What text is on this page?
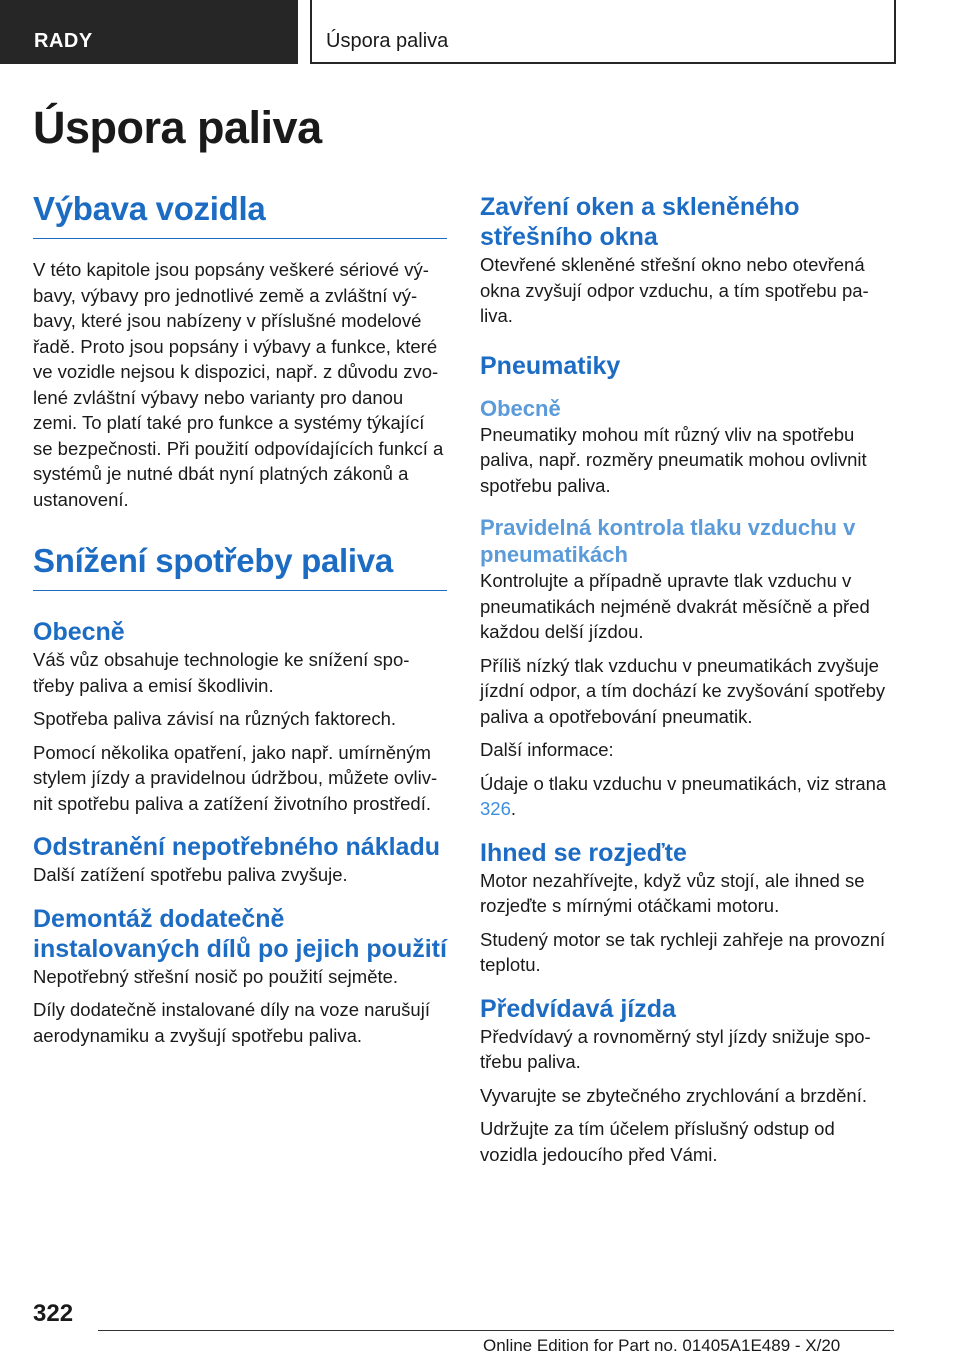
RADY	Úspora paliva
Úspora paliva
Výbava vozidla

V této kapitole jsou popsány veškeré sériové vý-bavy, výbavy pro jednotlivé země a zvláštní vý-bavy, které jsou nabízeny v příslušné modelové řadě. Proto jsou popsány i výbavy a funkce, které ve vozidle nejsou k dispozici, např. z důvodu zvo-lené zvláštní výbavy nebo varianty pro danou zemi. To platí také pro funkce a systémy týkající se bezpečnosti. Při použití odpovídajících funkcí a systémů je nutné dbát nyní platných zákonů a ustanovení.

Snížení spotřeby paliva
Obecně

Váš vůz obsahuje technologie ke snížení spo-třeby paliva a emisí škodlivin.

Spotřeba paliva závisí na různých faktorech.

Pomocí několika opatření, jako např. umírněným stylem jízdy a pravidelnou údržbou, můžete ovliv-nit spotřebu paliva a zatížení životního prostředí.

Odstranění nepotřebného nákladu

Další zatížení spotřebu paliva zvyšuje.

Demontáž dodatečně instalovaných dílů po jejich použití

Nepotřebný střešní nosič po použití sejměte.

Díly dodatečně instalované díly na voze narušují aerodynamiku a zvyšují spotřebu paliva.

Zavření oken a skleněného střešního okna

Otevřené skleněné střešní okno nebo otevřená okna zvyšují odpor vzduchu, a tím spotřebu pa-liva.

Pneumatiky
Obecně

Pneumatiky mohou mít různý vliv na spotřebu paliva, např. rozměry pneumatik mohou ovlivnit spotřebu paliva.

Pravidelná kontrola tlaku vzduchu v pneumatikách

Kontrolujte a případně upravte tlak vzduchu v pneumatikách nejméně dvakrát měsíčně a před každou delší jízdou.

Příliš nízký tlak vzduchu v pneumatikách zvyšuje jízdní odpor, a tím dochází ke zvyšování spotřeby paliva a opotřebování pneumatik.

Další informace:

Údaje o tlaku vzduchu v pneumatikách, viz strana 326.

Ihned se rozjeďte

Motor nezahřívejte, když vůz stojí, ale ihned se rozjeďte s mírnými otáčkami motoru.

Studený motor se tak rychleji zahřeje na provozní teplotu.

Předvídavá jízda

Předvídavý a rovnoměrný styl jízdy snižuje spo-třebu paliva.

Vyvarujte se zbytečného zrychlování a brzdění.

Udržujte za tím účelem příslušný odstup od vozidla jedoucího před Vámi.

322
Online Edition for Part no. 01405A1E489 - X/20
